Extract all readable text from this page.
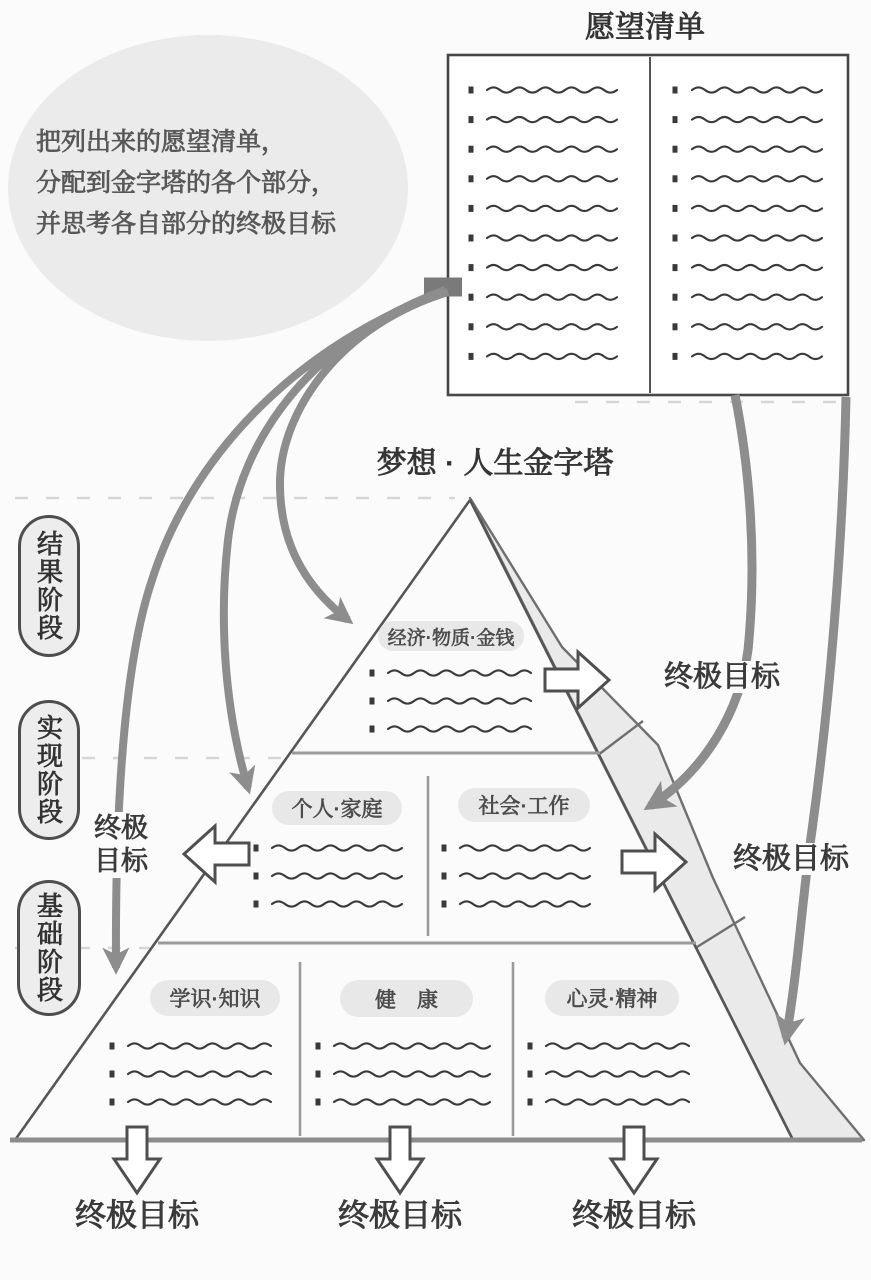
愿望清单
梦想 · 人生金字塔
把列出来的愿望清单，
分配到金字塔的各个部分，
并思考各自部分的终极目标
结果阶段
实现阶段
基础阶段
经济·物质·金钱
个人·家庭	社会·工作
学识·知识	健　康	心灵·精神
终极目标
终极目标
终极目标
终极目标	终极目标	终极目标
